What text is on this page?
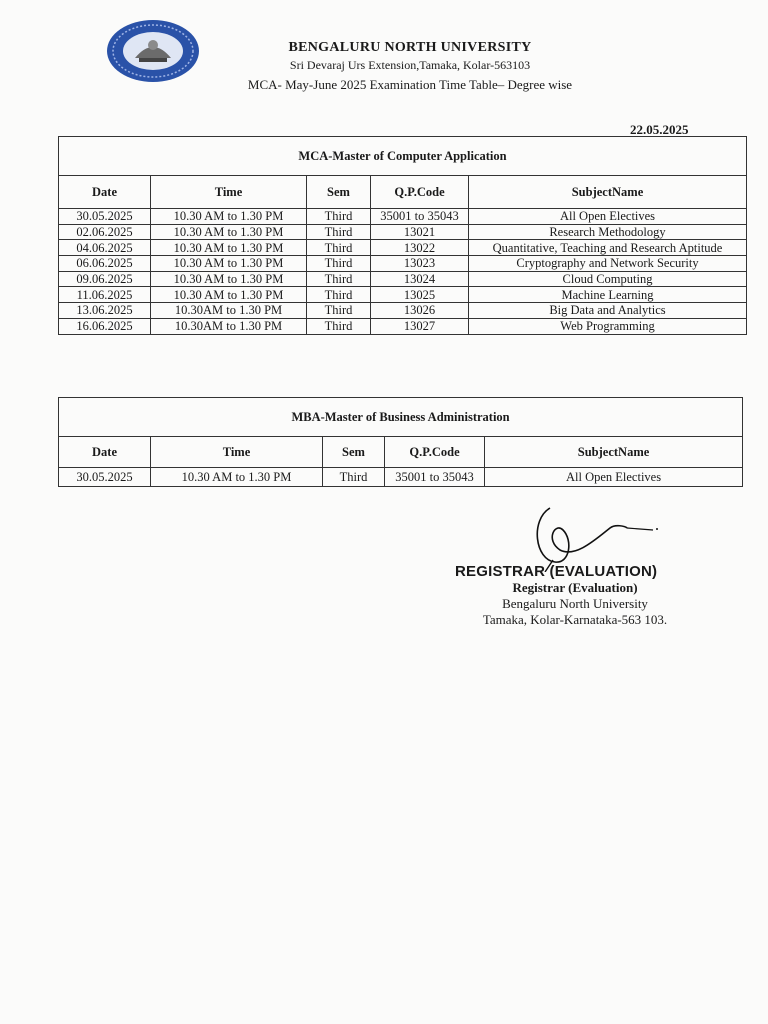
BENGALURU NORTH UNIVERSITY
Sri Devaraj Urs Extension,Tamaka, Kolar-563103
MCA- May-June 2025 Examination Time Table– Degree wise
22.05.2025
MCA-Master of Computer Application				
Date	Time	Sem	Q.P.Code	SubjectName
30.05.2025	10.30 AM to 1.30 PM	Third	35001 to 35043	All Open Electives
02.06.2025	10.30 AM to 1.30 PM	Third	13021	Research Methodology
04.06.2025	10.30 AM to 1.30 PM	Third	13022	Quantitative, Teaching and Research Aptitude
06.06.2025	10.30 AM to 1.30 PM	Third	13023	Cryptography and Network Security
09.06.2025	10.30 AM to 1.30 PM	Third	13024	Cloud Computing
11.06.2025	10.30 AM to 1.30 PM	Third	13025	Machine Learning
13.06.2025	10.30AM to 1.30 PM	Third	13026	Big Data and Analytics
16.06.2025	10.30AM to 1.30 PM	Third	13027	Web Programming
MBA-Master of Business Administration				
Date	Time	Sem	Q.P.Code	SubjectName
30.05.2025	10.30 AM to 1.30 PM	Third	35001 to 35043	All Open Electives
REGISTRAR (EVALUATION)
Registrar (Evaluation)
Bengaluru North University
Tamaka, Kolar-Karnataka-563 103.
